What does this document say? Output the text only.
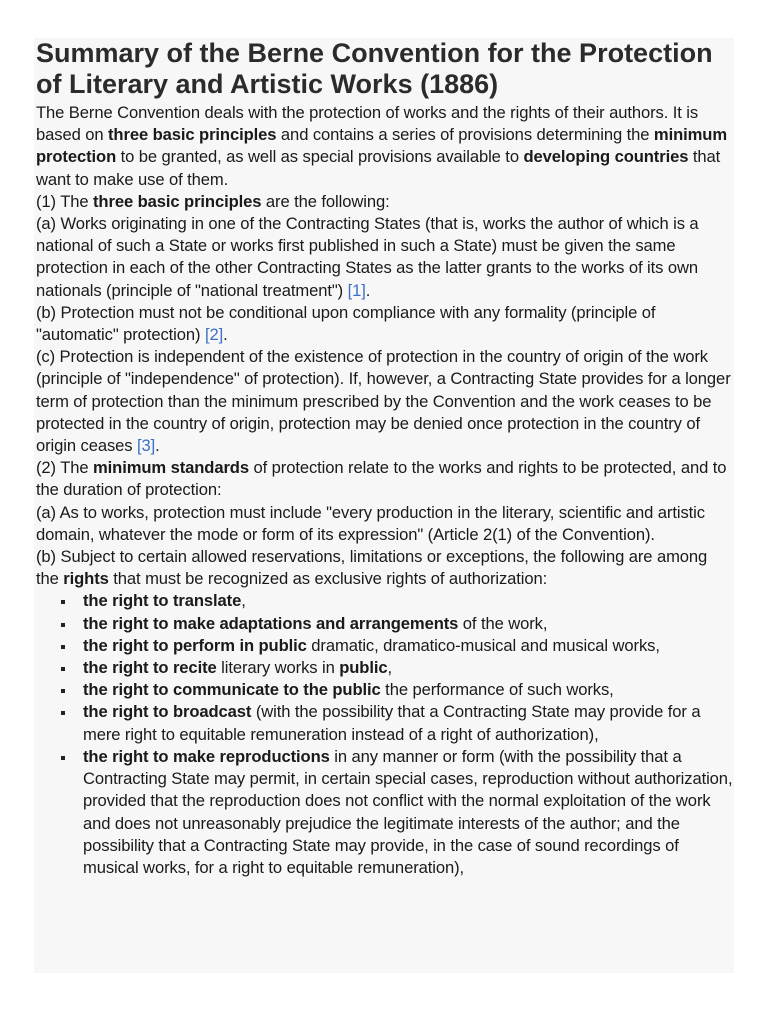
Summary of the Berne Convention for the Protection of Literary and Artistic Works (1886)

The Berne Convention deals with the protection of works and the rights of their authors. It is based on three basic principles and contains a series of provisions determining the minimum protection to be granted, as well as special provisions available to developing countries that want to make use of them.

(1) The three basic principles are the following:

(a) Works originating in one of the Contracting States (that is, works the author of which is a national of such a State or works first published in such a State) must be given the same protection in each of the other Contracting States as the latter grants to the works of its own nationals (principle of "national treatment") [1].

(b) Protection must not be conditional upon compliance with any formality (principle of "automatic" protection) [2].

(c) Protection is independent of the existence of protection in the country of origin of the work (principle of "independence" of protection). If, however, a Contracting State provides for a longer term of protection than the minimum prescribed by the Convention and the work ceases to be protected in the country of origin, protection may be denied once protection in the country of origin ceases [3].

(2) The minimum standards of protection relate to the works and rights to be protected, and to the duration of protection:

(a) As to works, protection must include "every production in the literary, scientific and artistic domain, whatever the mode or form of its expression" (Article 2(1) of the Convention).

(b) Subject to certain allowed reservations, limitations or exceptions, the following are among the rights that must be recognized as exclusive rights of authorization:

the right to translate,
the right to make adaptations and arrangements of the work,
the right to perform in public dramatic, dramatico-musical and musical works,
the right to recite literary works in public,
the right to communicate to the public the performance of such works,
the right to broadcast (with the possibility that a Contracting State may provide for a mere right to equitable remuneration instead of a right of authorization),
the right to make reproductions in any manner or form (with the possibility that a Contracting State may permit, in certain special cases, reproduction without authorization, provided that the reproduction does not conflict with the normal exploitation of the work and does not unreasonably prejudice the legitimate interests of the author; and the possibility that a Contracting State may provide, in the case of sound recordings of musical works, for a right to equitable remuneration),
